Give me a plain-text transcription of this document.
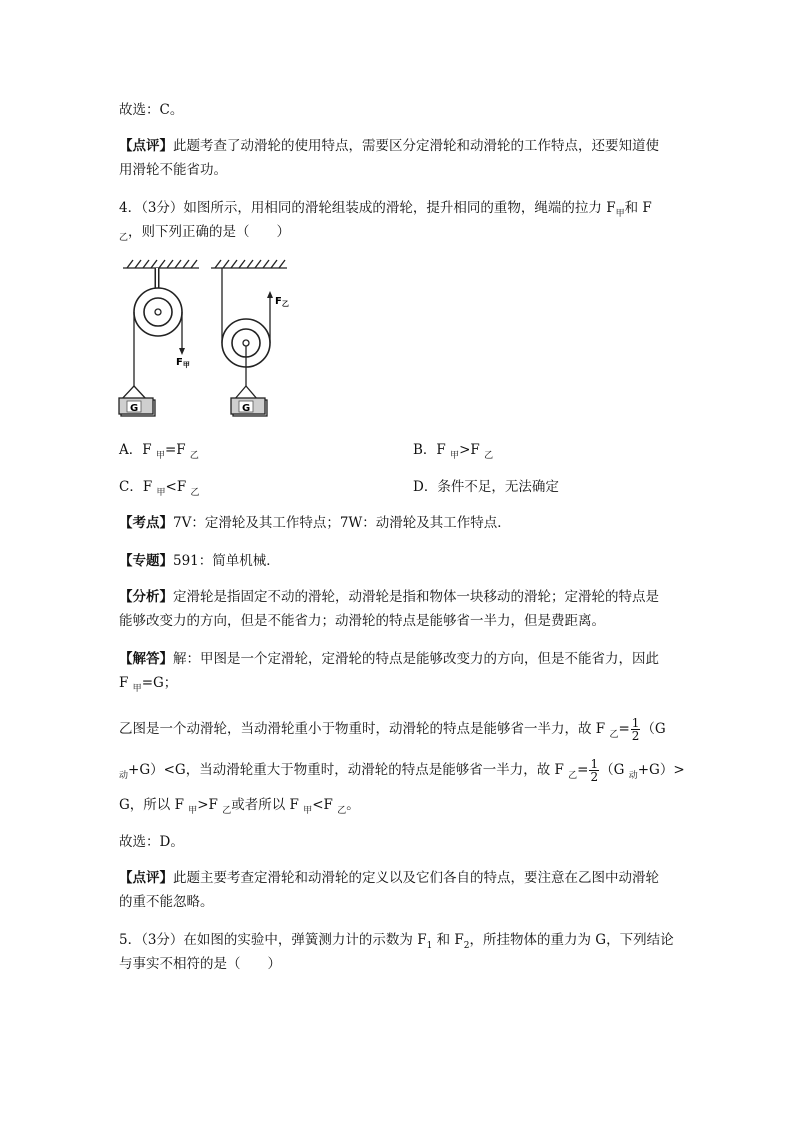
故选：C。
【点评】此题考查了动滑轮的使用特点，需要区分定滑轮和动滑轮的工作特点，还要知道使
用滑轮不能省功。
4．（3分）如图所示，用相同的滑轮组装成的滑轮，提升相同的重物，绳端的拉力 $F_甲$和 F
$_乙$，则下列正确的是（　　）
$F_甲$
G
$F_乙$
G
A．F $_甲$=F $_乙$	B．F $_甲$>F $_乙$
C．F $_甲$<F $_乙$	D．条件不足，无法确定
【考点】7V：定滑轮及其工作特点；7W：动滑轮及其工作特点．
【专题】591：简单机械．
【分析】定滑轮是指固定不动的滑轮，动滑轮是指和物体一块移动的滑轮；定滑轮的特点是
能够改变力的方向，但是不能省力；动滑轮的特点是能够省一半力，但是费距离。
【解答】解：甲图是一个定滑轮，定滑轮的特点是能够改变力的方向，但是不能省力，因此
F $_甲$=G；
乙图是一个动滑轮，当动滑轮重小于物重时，动滑轮的特点是能够省一半力，故 F $_乙= \frac{1}{2} (G$
$_动$+G）<G，当动滑轮重大于物重时，动滑轮的特点是能够省一半力，故 F $_乙= \frac{1}{2} (G$ $_动$+G）>
G，所以 F $_甲$>F $_乙$或者所以 F $_甲$<F $_乙$。
故选：D。
【点评】此题主要考查定滑轮和动滑轮的定义以及它们各自的特点，要注意在乙图中动滑轮
的重不能忽略。
5．（3分）在如图的实验中，弹簧测力计的示数为 $F_1$ 和 $F_2$，所挂物体的重力为 G，下列结论
与事实不相符的是（　　）
